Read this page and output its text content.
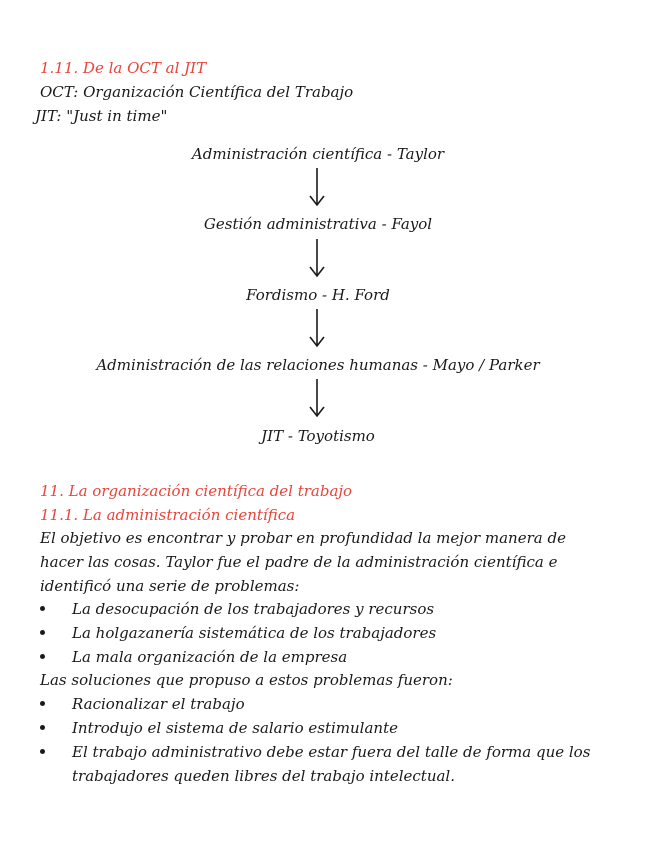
1.11. De la OCT al JIT
OCT: Organización Científica del Trabajo
JIT: "Just in time"
Administración científica - Taylor
Gestión administrativa - Fayol
Fordismo - H. Ford
Administración de las relaciones humanas - Mayo / Parker
JIT - Toyotismo
11. La organización científica del trabajo
11.1. La administración científica
El objetivo es encontrar y probar en profundidad la mejor manera de
hacer las cosas. Taylor fue el padre de la administración científica e
identificó una serie de problemas:
La desocupación de los trabajadores y recursos
La holgazanería sistemática de los trabajadores
La mala organización de la empresa
Las soluciones que propuso a estos problemas fueron:
Racionalizar el trabajo
Introdujo el sistema de salario estimulante
El trabajo administrativo debe estar fuera del talle de forma que los
trabajadores queden libres del trabajo intelectual.
